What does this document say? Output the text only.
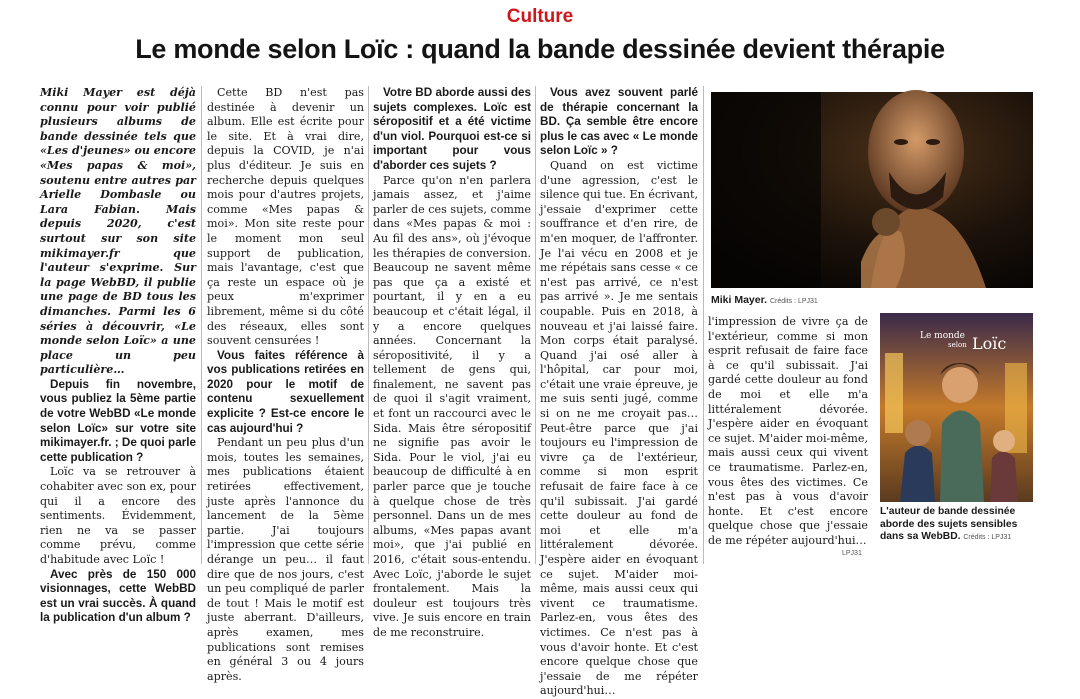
Culture
Le monde selon Loïc : quand la bande dessinée devient thérapie

Miki Mayer est déjà connu pour voir publié plusieurs albums de bande dessinée tels que «Les d'jeunes» ou encore «Mes papas & moi», soutenu entre autres par Arielle Dombasle ou Lara Fabian. Mais depuis 2020, c'est surtout sur son site mikimayer.fr que l'auteur s'exprime. Sur la page WebBD, il publie une page de BD tous les dimanches. Parmi les 6 séries à découvrir, «Le monde selon Loïc» a une place un peu particulière…

Depuis fin novembre, vous publiez la 5ème partie de votre WebBD «Le monde selon Loïc» sur votre site mikimayer.fr. ; De quoi parle cette publication ?

Loïc va se retrouver à cohabiter avec son ex, pour qui il a encore des sentiments. Évidemment, rien ne va se passer comme prévu, comme d'habitude avec Loïc !

Avec près de 150 000 visionnages, cette WebBD est un vrai succès. À quand la publication d'un album ?

Cette BD n'est pas destinée à devenir un album. Elle est écrite pour le site. Et à vrai dire, depuis la COVID, je n'ai plus d'éditeur. Je suis en recherche depuis quelques mois pour d'autres projets, comme «Mes papas & moi». Mon site reste pour le moment mon seul support de publication, mais l'avantage, c'est que ça reste un espace où je peux m'exprimer librement, même si du côté des réseaux, elles sont souvent censurées !

Vous faites référence à vos publications retirées en 2020 pour le motif de contenu sexuellement explicite ? Est-ce encore le cas aujourd'hui ?

Pendant un peu plus d'un mois, toutes les semaines, mes publications étaient retirées effectivement, juste après l'annonce du lancement de la 5ème partie. J'ai toujours l'impression que cette série dérange un peu… il faut dire que de nos jours, c'est un peu compliqué de parler de tout ! Mais le motif est juste aberrant. D'ailleurs, après examen, mes publications sont remises en général 3 ou 4 jours après.

Votre BD aborde aussi des sujets complexes. Loïc est séropositif et a été victime d'un viol. Pourquoi est-ce si important pour vous d'aborder ces sujets ?

Parce qu'on n'en parlera jamais assez, et j'aime parler de ces sujets, comme dans «Mes papas & moi : Au fil des ans», où j'évoque les thérapies de conversion. Beaucoup ne savent même pas que ça a existé et pourtant, il y en a eu beaucoup et c'était légal, il y a encore quelques années. Concernant la séropositivité, il y a tellement de gens qui, finalement, ne savent pas de quoi il s'agit vraiment, et font un raccourci avec le Sida. Mais être séropositif ne signifie pas avoir le Sida. Pour le viol, j'ai eu beaucoup de difficulté à en parler parce que je touche à quelque chose de très personnel. Dans un de mes albums, «Mes papas avant moi», que j'ai publié en 2016, c'était sous-entendu. Avec Loïc, j'aborde le sujet frontalement. Mais la douleur est toujours très vive. Je suis encore en train de me reconstruire.

Vous avez souvent parlé de thérapie concernant la BD. Ça semble être encore plus le cas avec « Le monde selon Loïc » ?

Quand on est victime d'une agression, c'est le silence qui tue. En écrivant, j'essaie d'exprimer cette souffrance et d'en rire, de m'en moquer, de l'affronter. Je l'ai vécu en 2008 et je me répétais sans cesse « ce n'est pas arrivé, ce n'est pas arrivé ». Je me sentais coupable. Puis en 2018, à nouveau et j'ai laissé faire. Mon corps était paralysé. Quand j'ai osé aller à l'hôpital, car pour moi, c'était une vraie épreuve, je me suis senti jugé, comme si on ne me croyait pas… Peut-être parce que j'ai toujours eu l'impression de vivre ça de l'extérieur, comme si mon esprit refusait de faire face à ce qu'il subissait. J'ai gardé cette douleur au fond de moi et elle m'a littéralement dévorée. J'espère aider en évoquant ce sujet. M'aider moi-même, mais aussi ceux qui vivent ce traumatisme. Parlez-en, vous êtes des victimes. Ce n'est pas à vous d'avoir honte. Et c'est encore quelque chose que j'essaie de me répéter aujourd'hui…

l'impression de vivre ça de l'extérieur, comme si mon esprit refusait de faire face à ce qu'il subissait. J'ai gardé cette douleur au fond de moi et elle m'a littéralement dévorée. J'espère aider en évoquant ce sujet. M'aider moi-même, mais aussi ceux qui vivent ce traumatisme. Parlez-en, vous êtes des victimes. Ce n'est pas à vous d'avoir honte. Et c'est encore quelque chose que j'essaie de me répéter aujourd'hui…

Miki Mayer. Crédits : LPJ31
Le monde
selon Loïc
L'auteur de bande dessinée aborde des sujets sensibles dans sa WebBD. Crédits : LPJ31
LPJ31
